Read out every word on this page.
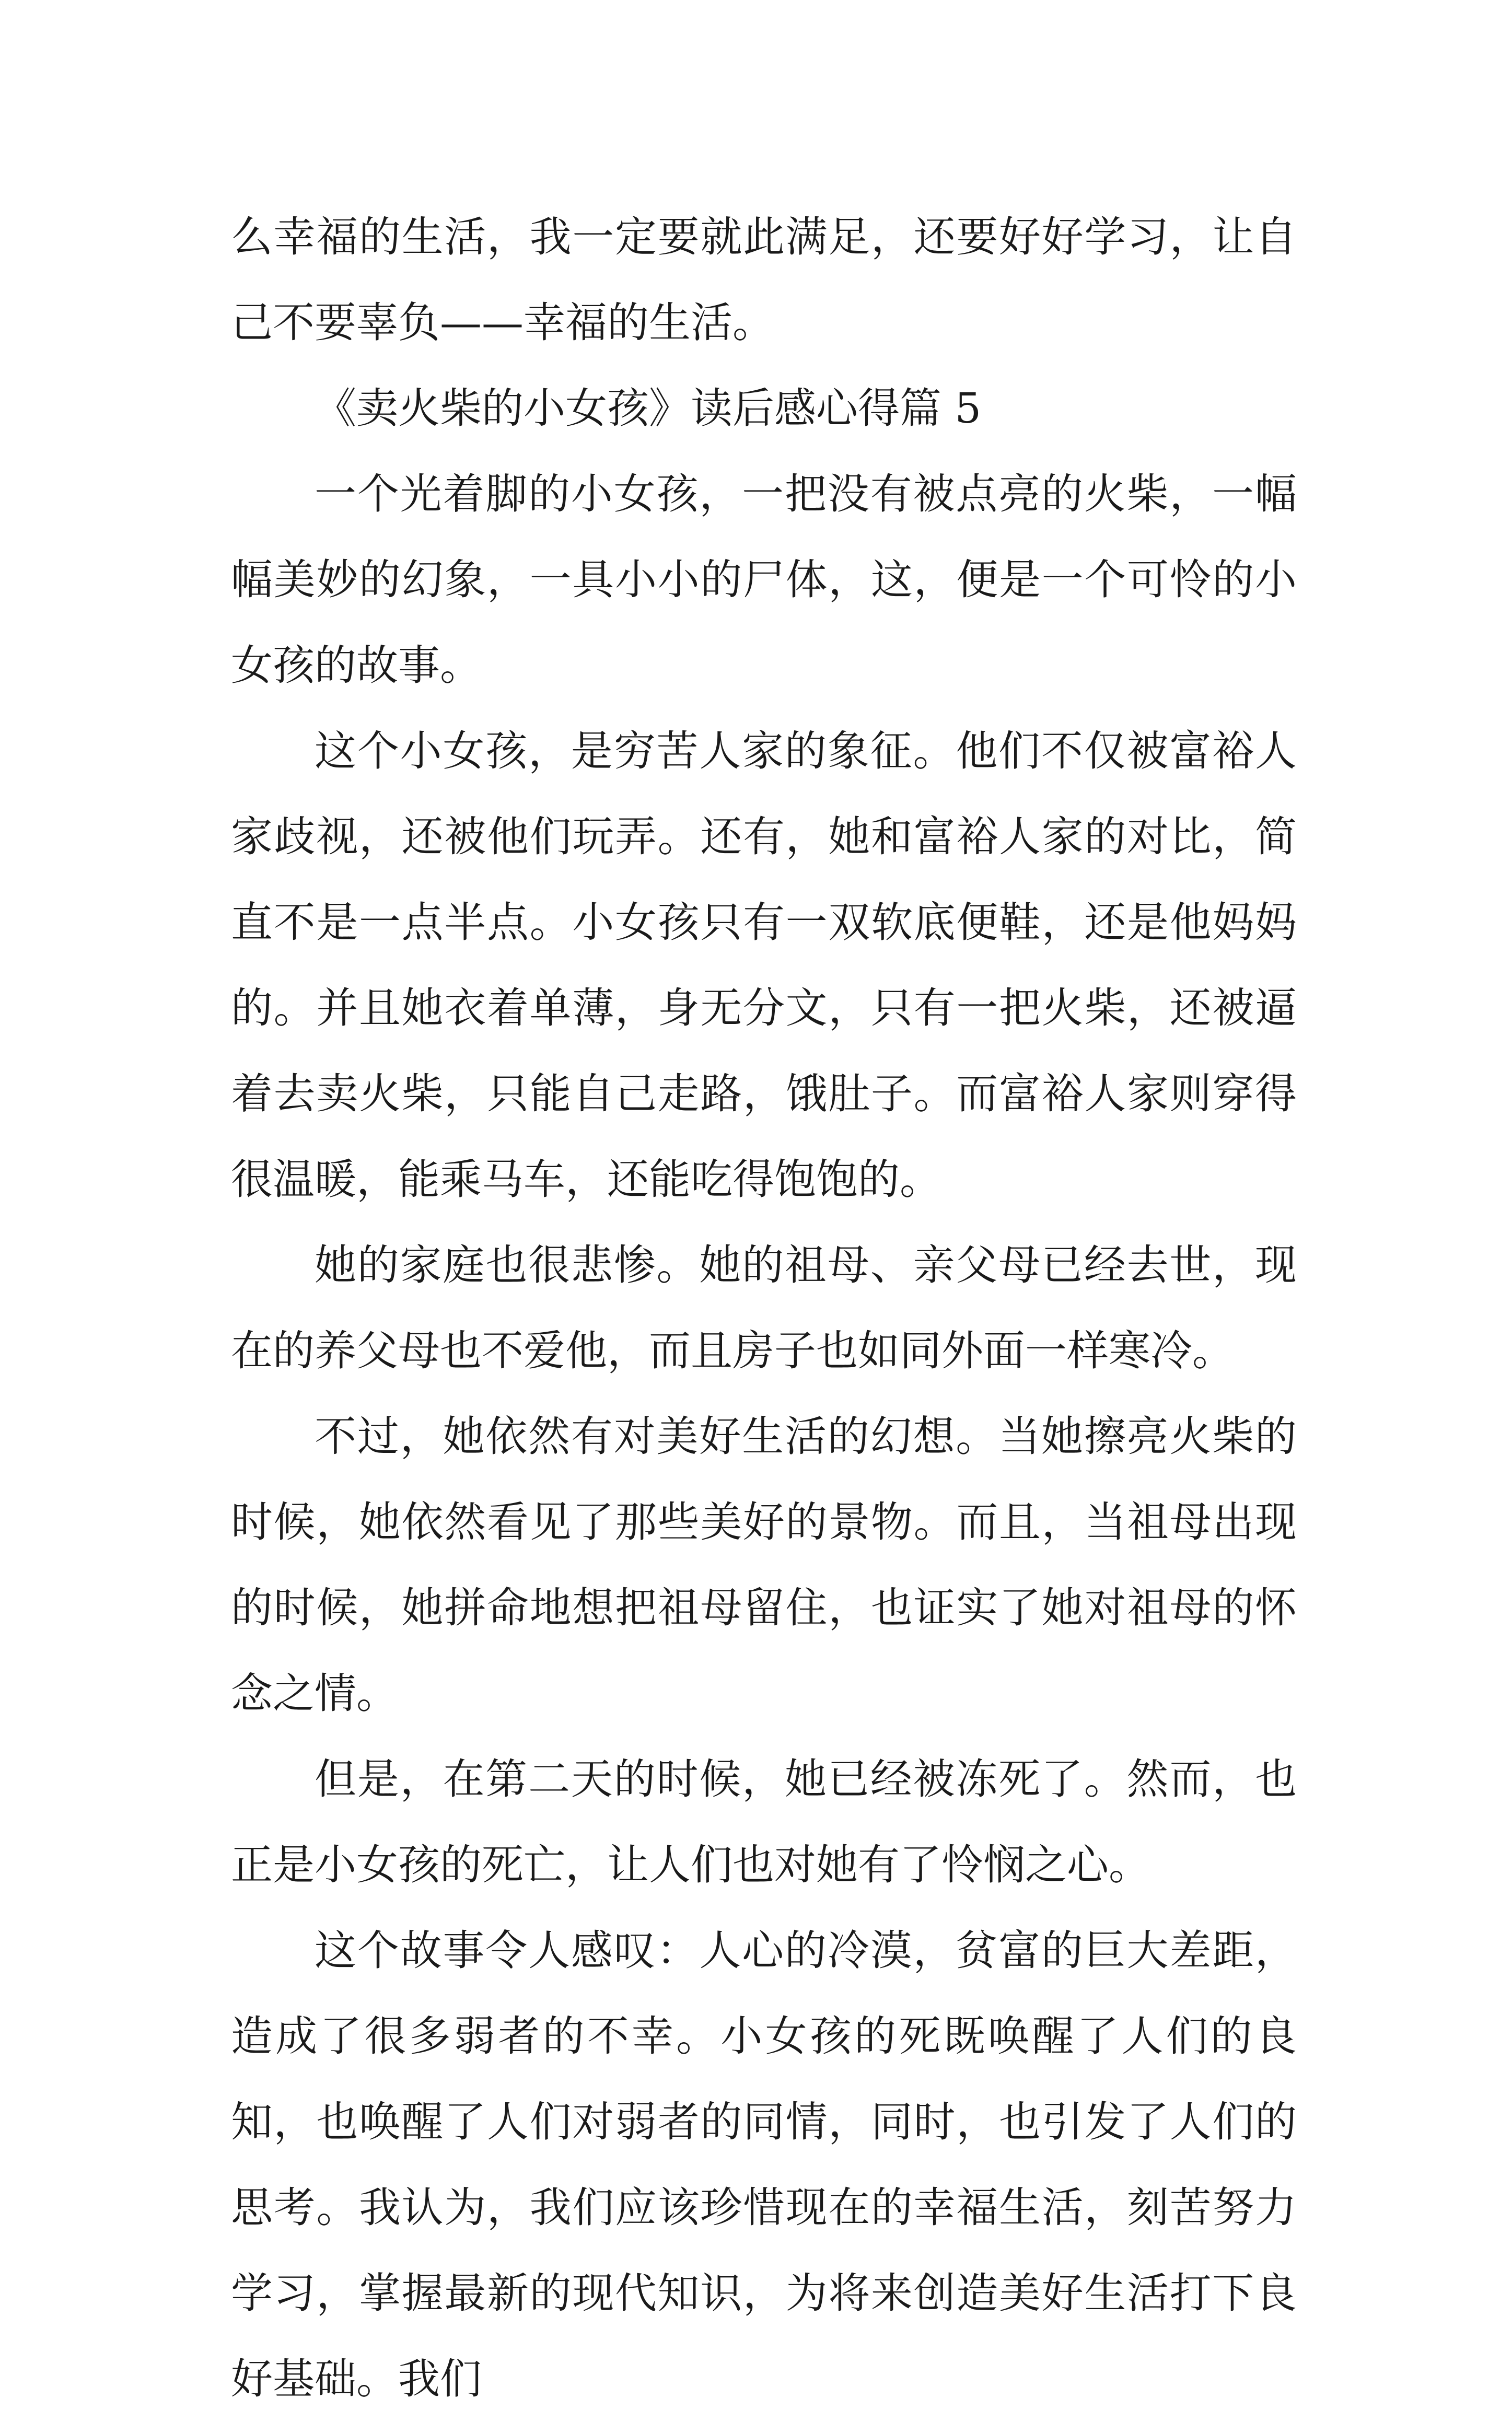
么幸福的生活，我一定要就此满足，还要好好学习，让自己不要辜负——幸福的生活。

《卖火柴的小女孩》读后感心得篇 5

一个光着脚的小女孩，一把没有被点亮的火柴，一幅幅美妙的幻象，一具小小的尸体，这，便是一个可怜的小女孩的故事。

这个小女孩，是穷苦人家的象征。他们不仅被富裕人家歧视，还被他们玩弄。还有，她和富裕人家的对比，简直不是一点半点。小女孩只有一双软底便鞋，还是他妈妈的。并且她衣着单薄，身无分文，只有一把火柴，还被逼着去卖火柴，只能自己走路，饿肚子。而富裕人家则穿得很温暖，能乘马车，还能吃得饱饱的。

她的家庭也很悲惨。她的祖母、亲父母已经去世，现在的养父母也不爱他，而且房子也如同外面一样寒冷。

不过，她依然有对美好生活的幻想。当她擦亮火柴的时候，她依然看见了那些美好的景物。而且，当祖母出现的时候，她拼命地想把祖母留住，也证实了她对祖母的怀念之情。

但是，在第二天的时候，她已经被冻死了。然而，也正是小女孩的死亡，让人们也对她有了怜悯之心。

这个故事令人感叹：人心的冷漠，贫富的巨大差距，造成了很多弱者的不幸。小女孩的死既唤醒了人们的良知，也唤醒了人们对弱者的同情，同时，也引发了人们的思考。我认为，我们应该珍惜现在的幸福生活，刻苦努力学习，掌握最新的现代知识，为将来创造美好生活打下良好基础。我们
